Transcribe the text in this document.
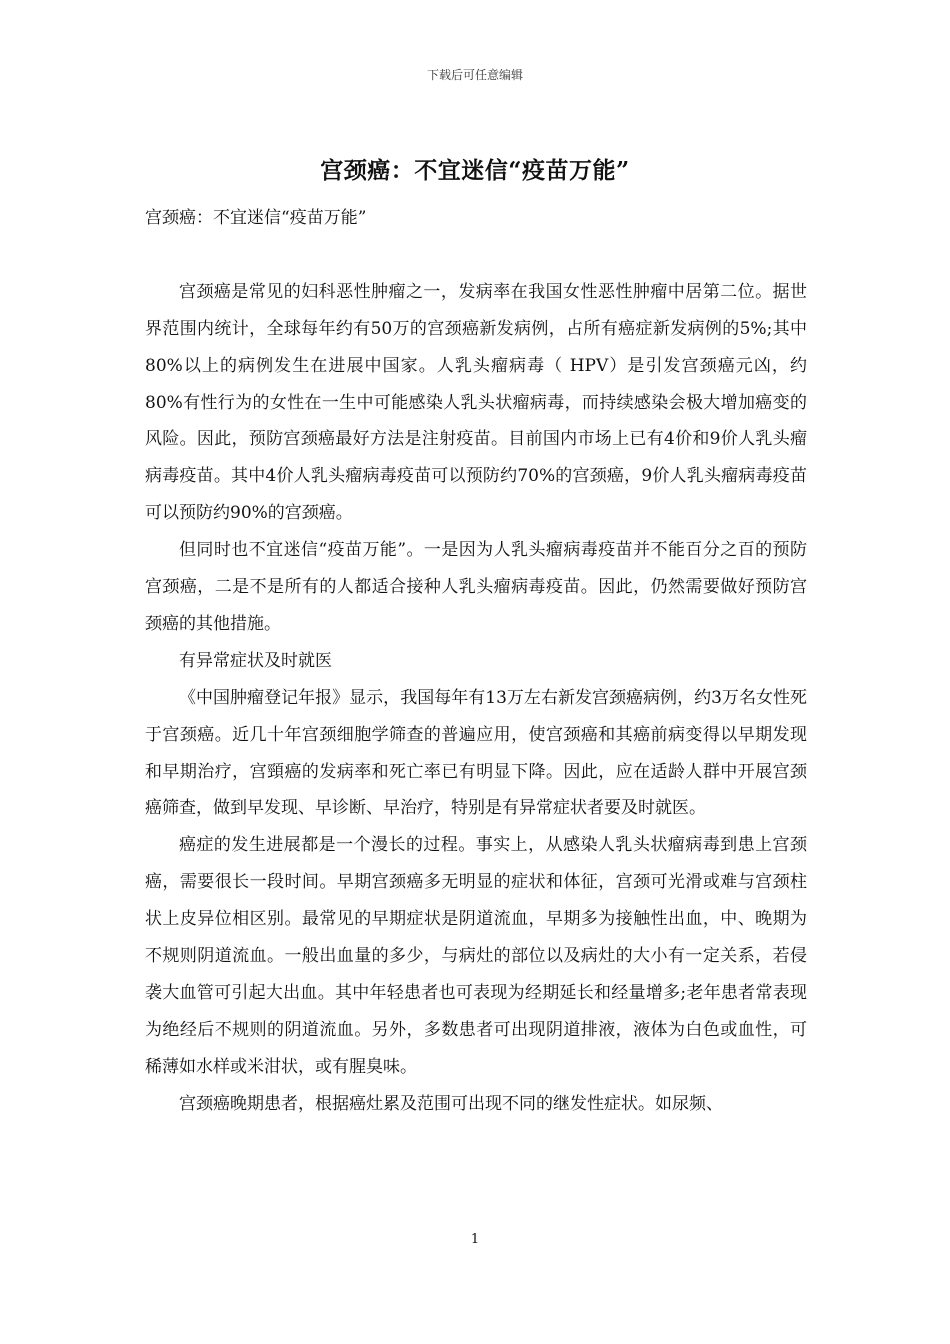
下载后可任意编辑
宫颈癌：不宜迷信“疫苗万能”

宫颈癌：不宜迷信“疫苗万能”

宫颈癌是常见的妇科恶性肿瘤之一，发病率在我国女性恶性肿瘤中居第二位。据世界范围内统计，全球每年约有50万的宫颈癌新发病例，占所有癌症新发病例的5%;其中80%以上的病例发生在进展中国家。人乳头瘤病毒（ HPV）是引发宫颈癌元凶，约80%有性行为的女性在一生中可能感染人乳头状瘤病毒，而持续感染会极大增加癌变的风险。因此，预防宫颈癌最好方法是注射疫苗。目前国内市场上已有4价和9价人乳头瘤病毒疫苗。其中4价人乳头瘤病毒疫苗可以预防约70%的宫颈癌，9价人乳头瘤病毒疫苗可以预防约90%的宫颈癌。

但同时也不宜迷信“疫苗万能”。一是因为人乳头瘤病毒疫苗并不能百分之百的预防宫颈癌，二是不是所有的人都适合接种人乳头瘤病毒疫苗。因此，仍然需要做好预防宫颈癌的其他措施。

有异常症状及时就医

《中国肿瘤登记年报》显示，我国每年有13万左右新发宫颈癌病例，约3万名女性死于宫颈癌。近几十年宫颈细胞学筛查的普遍应用，使宫颈癌和其癌前病变得以早期发现和早期治疗，宫頸癌的发病率和死亡率已有明显下降。因此，应在适龄人群中开展宫颈癌筛查，做到早发现、早诊断、早治疗，特别是有异常症状者要及时就医。

癌症的发生进展都是一个漫长的过程。事实上，从感染人乳头状瘤病毒到患上宫颈癌，需要很长一段时间。早期宫颈癌多无明显的症状和体征，宫颈可光滑或难与宫颈柱状上皮异位相区别。最常见的早期症状是阴道流血，早期多为接触性出血，中、晚期为不规则阴道流血。一般出血量的多少，与病灶的部位以及病灶的大小有一定关系，若侵袭大血管可引起大出血。其中年轻患者也可表现为经期延长和经量增多;老年患者常表现为绝经后不规则的阴道流血。另外，多数患者可出现阴道排液，液体为白色或血性，可稀薄如水样或米泔状，或有腥臭味。

宫颈癌晚期患者，根据癌灶累及范围可出现不同的继发性症状。如尿频、

1
